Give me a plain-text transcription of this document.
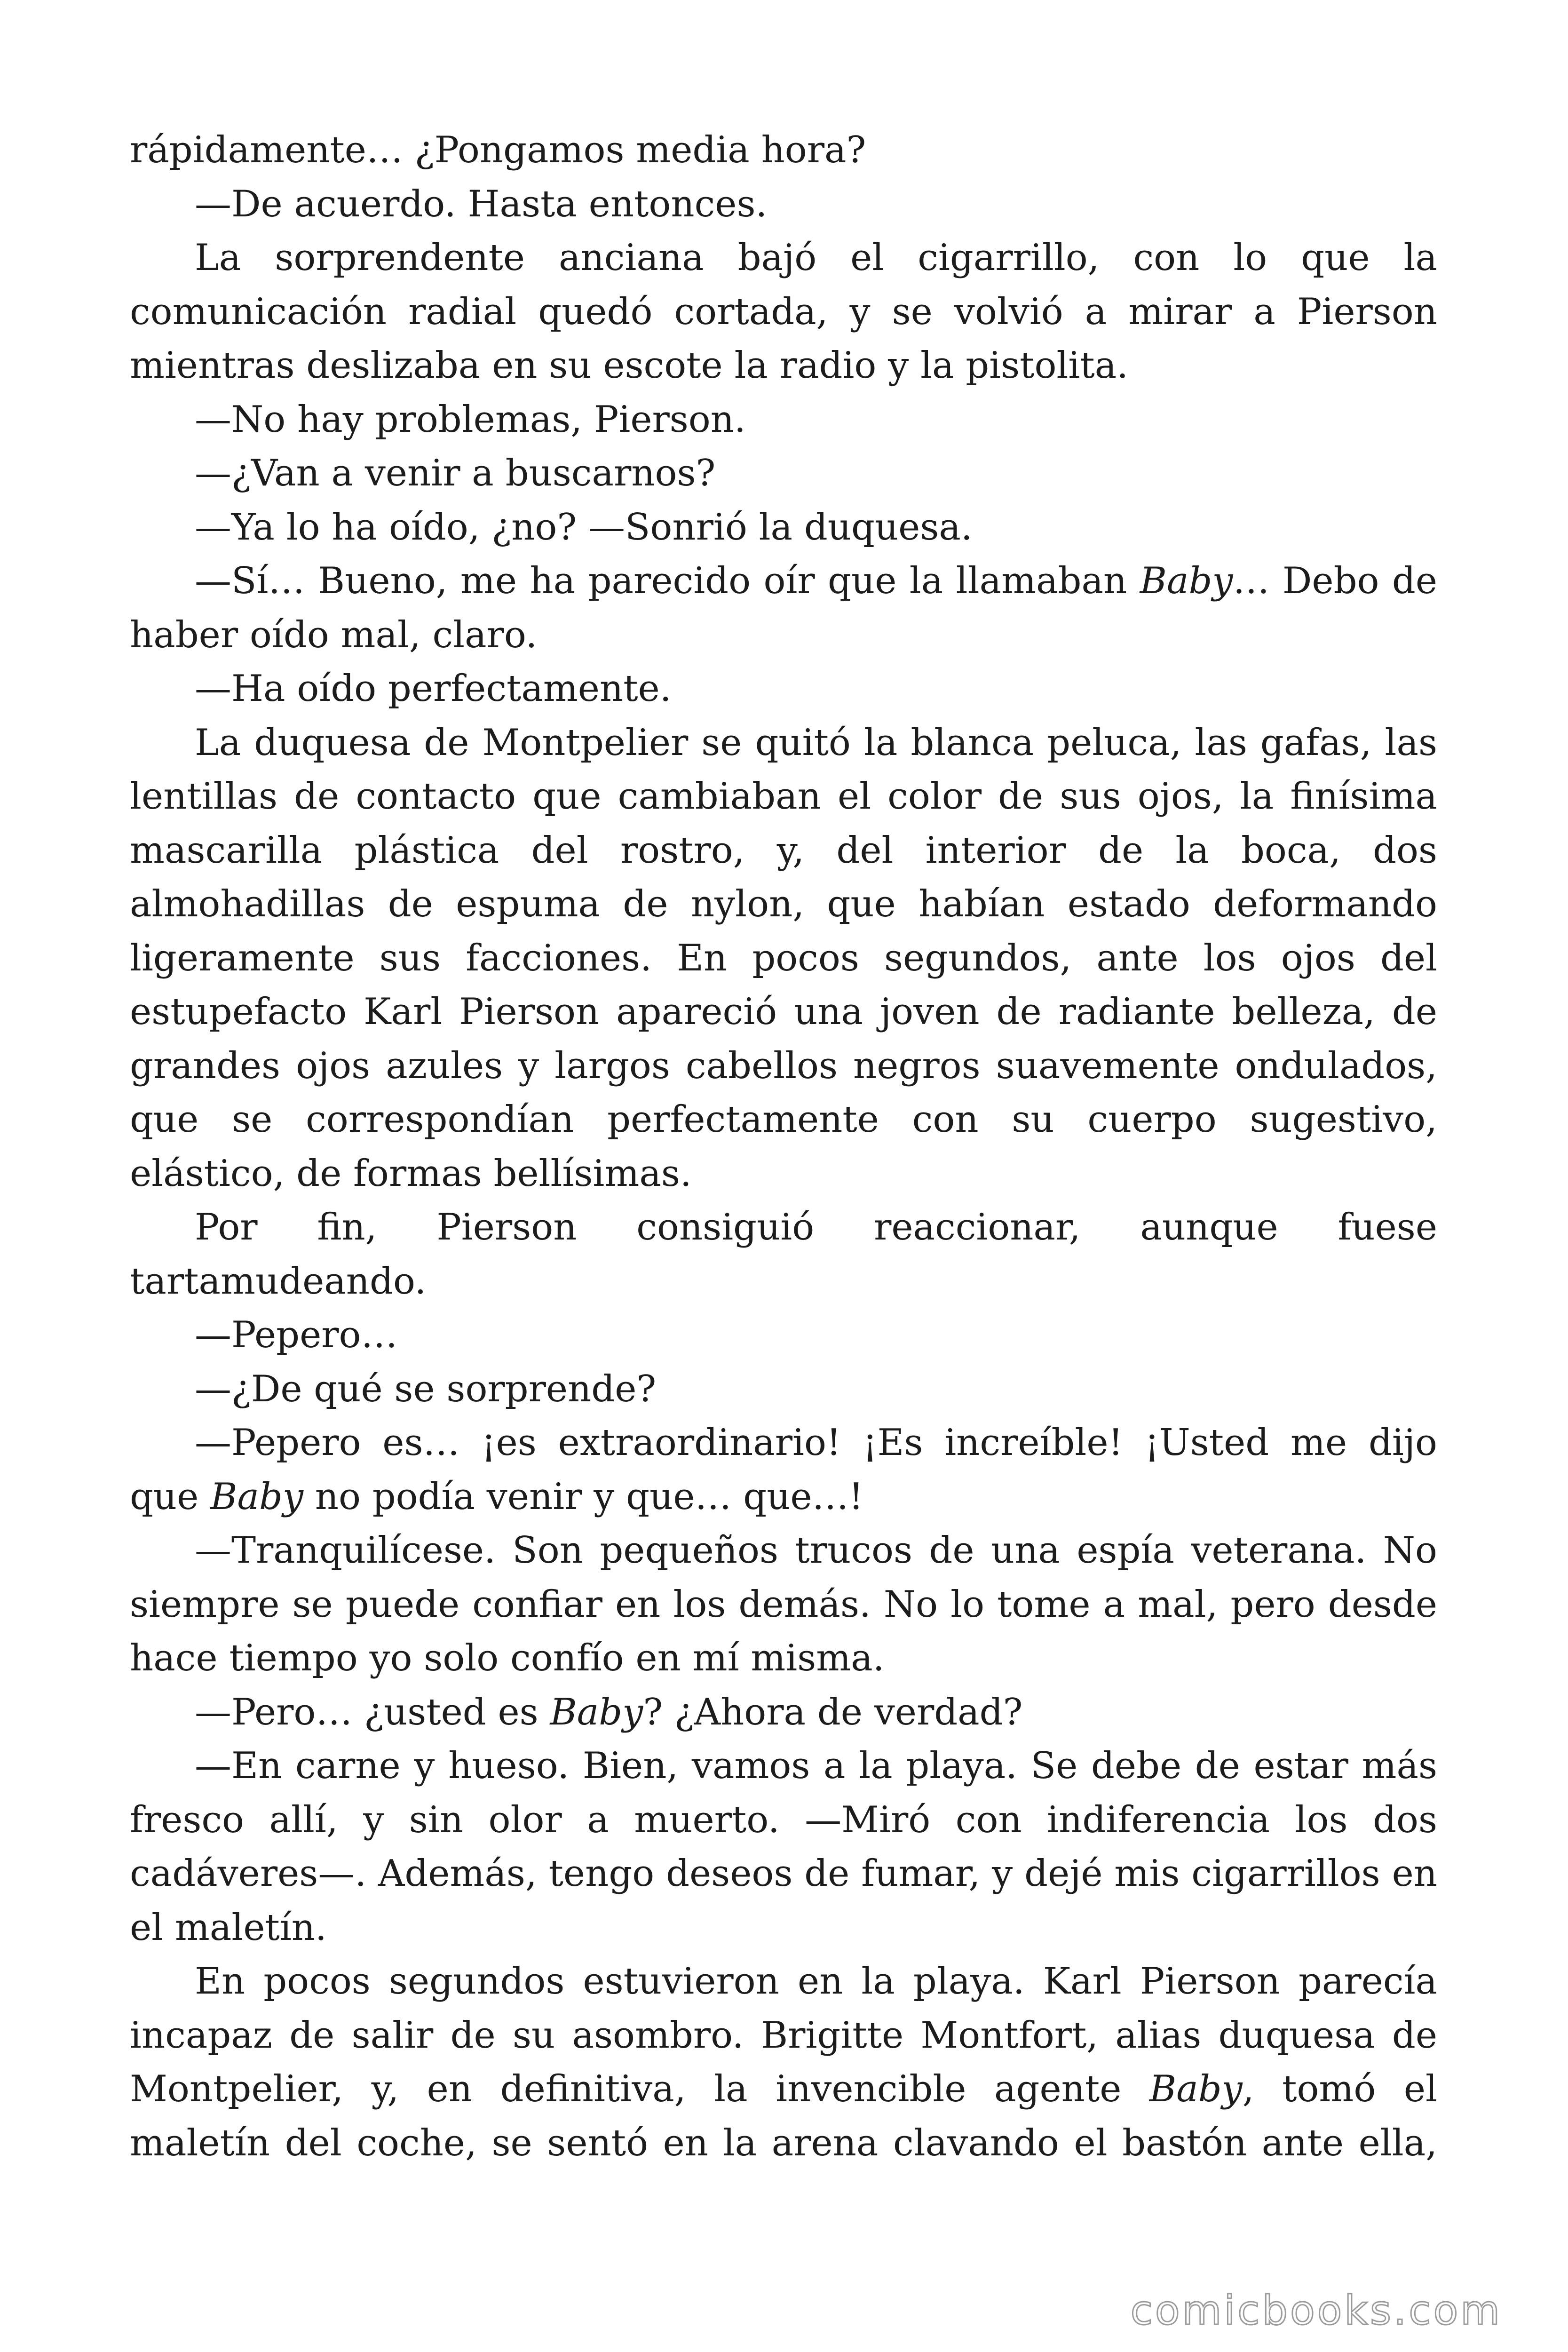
rápidamente… ¿Pongamos media hora?

—De acuerdo. Hasta entonces.

La sorprendente anciana bajó el cigarrillo, con lo que la comunicación radial quedó cortada, y se volvió a mirar a Pierson mientras deslizaba en su escote la radio y la pistolita.

—No hay problemas, Pierson.

—¿Van a venir a buscarnos?

—Ya lo ha oído, ¿no? —Sonrió la duquesa.

—Sí… Bueno, me ha parecido oír que la llamaban Baby… Debo de haber oído mal, claro.

—Ha oído perfectamente.

La duquesa de Montpelier se quitó la blanca peluca, las gafas, las lentillas de contacto que cambiaban el color de sus ojos, la finísima mascarilla plástica del rostro, y, del interior de la boca, dos almohadillas de espuma de nylon, que habían estado deformando ligeramente sus facciones. En pocos segundos, ante los ojos del estupefacto Karl Pierson apareció una joven de radiante belleza, de grandes ojos azules y largos cabellos negros suavemente ondulados, que se correspondían perfectamente con su cuerpo sugestivo, elástico, de formas bellísimas.

Por fin, Pierson consiguió reaccionar, aunque fuese tartamudeando.

—Pepero…

—¿De qué se sorprende?

—Pepero es… ¡es extraordinario! ¡Es increíble! ¡Usted me dijo que Baby no podía venir y que… que…!

—Tranquilícese. Son pequeños trucos de una espía veterana. No siempre se puede confiar en los demás. No lo tome a mal, pero desde hace tiempo yo solo confío en mí misma.

—Pero… ¿usted es Baby? ¿Ahora de verdad?

—En carne y hueso. Bien, vamos a la playa. Se debe de estar más fresco allí, y sin olor a muerto. —Miró con indiferencia los dos cadáveres—. Además, tengo deseos de fumar, y dejé mis cigarrillos en el maletín.

En pocos segundos estuvieron en la playa. Karl Pierson parecía incapaz de salir de su asombro. Brigitte Montfort, alias duquesa de Montpelier, y, en definitiva, la invencible agente Baby, tomó el maletín del coche, se sentó en la arena clavando el bastón ante ella,

comicbooks.com
